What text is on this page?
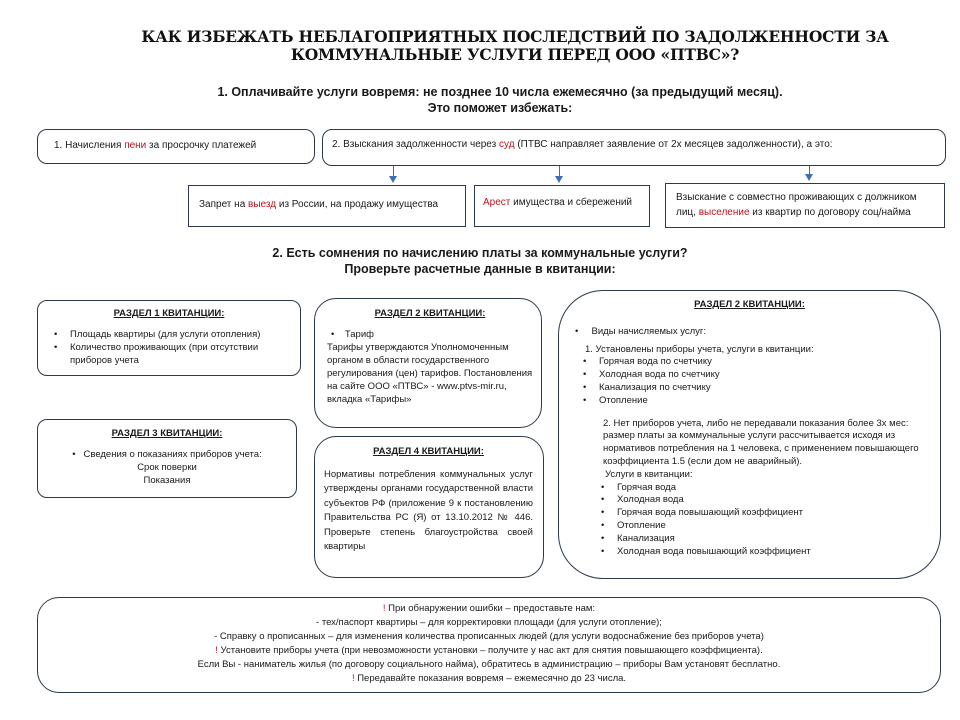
КАК ИЗБЕЖАТЬ НЕБЛАГОПРИЯТНЫХ ПОСЛЕДСТВИЙ ПО ЗАДОЛЖЕННОСТИ ЗА
КОММУНАЛЬНЫЕ УСЛУГИ ПЕРЕД ООО «ПТВС»?
1. Оплачивайте услуги вовремя: не позднее 10 числа ежемесячно (за предыдущий месяц).
Это поможет избежать:
1. Начисления пени за просрочку платежей	2. Взыскания задолженности через суд (ПТВС направляет заявление от 2х месяцев задолженности), а это:
Запрет на выезд из России, на продажу имущества	Арест имущества и сбережений	Взыскание с совместно проживающих с должником лиц, выселение из квартир по договору соц/найма
2. Есть сомнения по начислению платы за коммунальные услуги?
Проверьте расчетные данные в квитанции:
РАЗДЕЛ 1 КВИТАНЦИИ:
• Площадь квартиры (для услуги отопления)
• Количество проживающих (при отсутствии приборов учета
РАЗДЕЛ 2 КВИТАНЦИИ:
•    Тариф
Тарифы утверждаются Уполномоченным органом в области государственного регулирования (цен) тарифов. Постановления на сайте ООО «ПТВС» - www.ptvs-mir.ru, вкладка «Тарифы»
РАЗДЕЛ 3 КВИТАНЦИИ:
•   Сведения о показаниях приборов учета:
Срок поверки
Показания
РАЗДЕЛ 4 КВИТАНЦИИ:
Нормативы потребления коммунальных услуг утверждены органами государственной власти субъектов РФ (приложение 9 к постановлению Правительства РС (Я) от 13.10.2012 № 446. Проверьте степень благоустройства своей квартиры
РАЗДЕЛ 2 КВИТАНЦИИ:
•     Виды начисляемых услуг:
1. Установлены приборы учета, услуги в квитанции:
• Горячая вода по счетчику
• Холодная вода по счетчику
• Канализация по счетчику
• Отопление
2. Нет приборов учета, либо не передавали показания более 3х мес: размер платы за коммунальные услуги рассчитывается исходя из нормативов потребления на 1 человека, с применением повышающего коэффициента 1.5 (если дом не аварийный).
Услуги в квитанции:
• Горячая вода
• Холодная вода
• Горячая вода повышающий коэффициент
• Отопление
• Канализация
• Холодная вода повышающий коэффициент
! При обнаружении ошибки – предоставьте нам:
- тех/паспорт квартиры – для корректировки площади (для услуги отопление);
- Справку о прописанных – для изменения количества прописанных людей (для услуги водоснабжение без приборов учета)
! Установите приборы учета (при невозможности установки – получите у нас акт для снятия повышающего коэффициента).
Если Вы - наниматель жилья (по договору социального найма), обратитесь в администрацию – приборы Вам установят бесплатно.
! Передавайте показания вовремя – ежемесячно до 23 числа.
